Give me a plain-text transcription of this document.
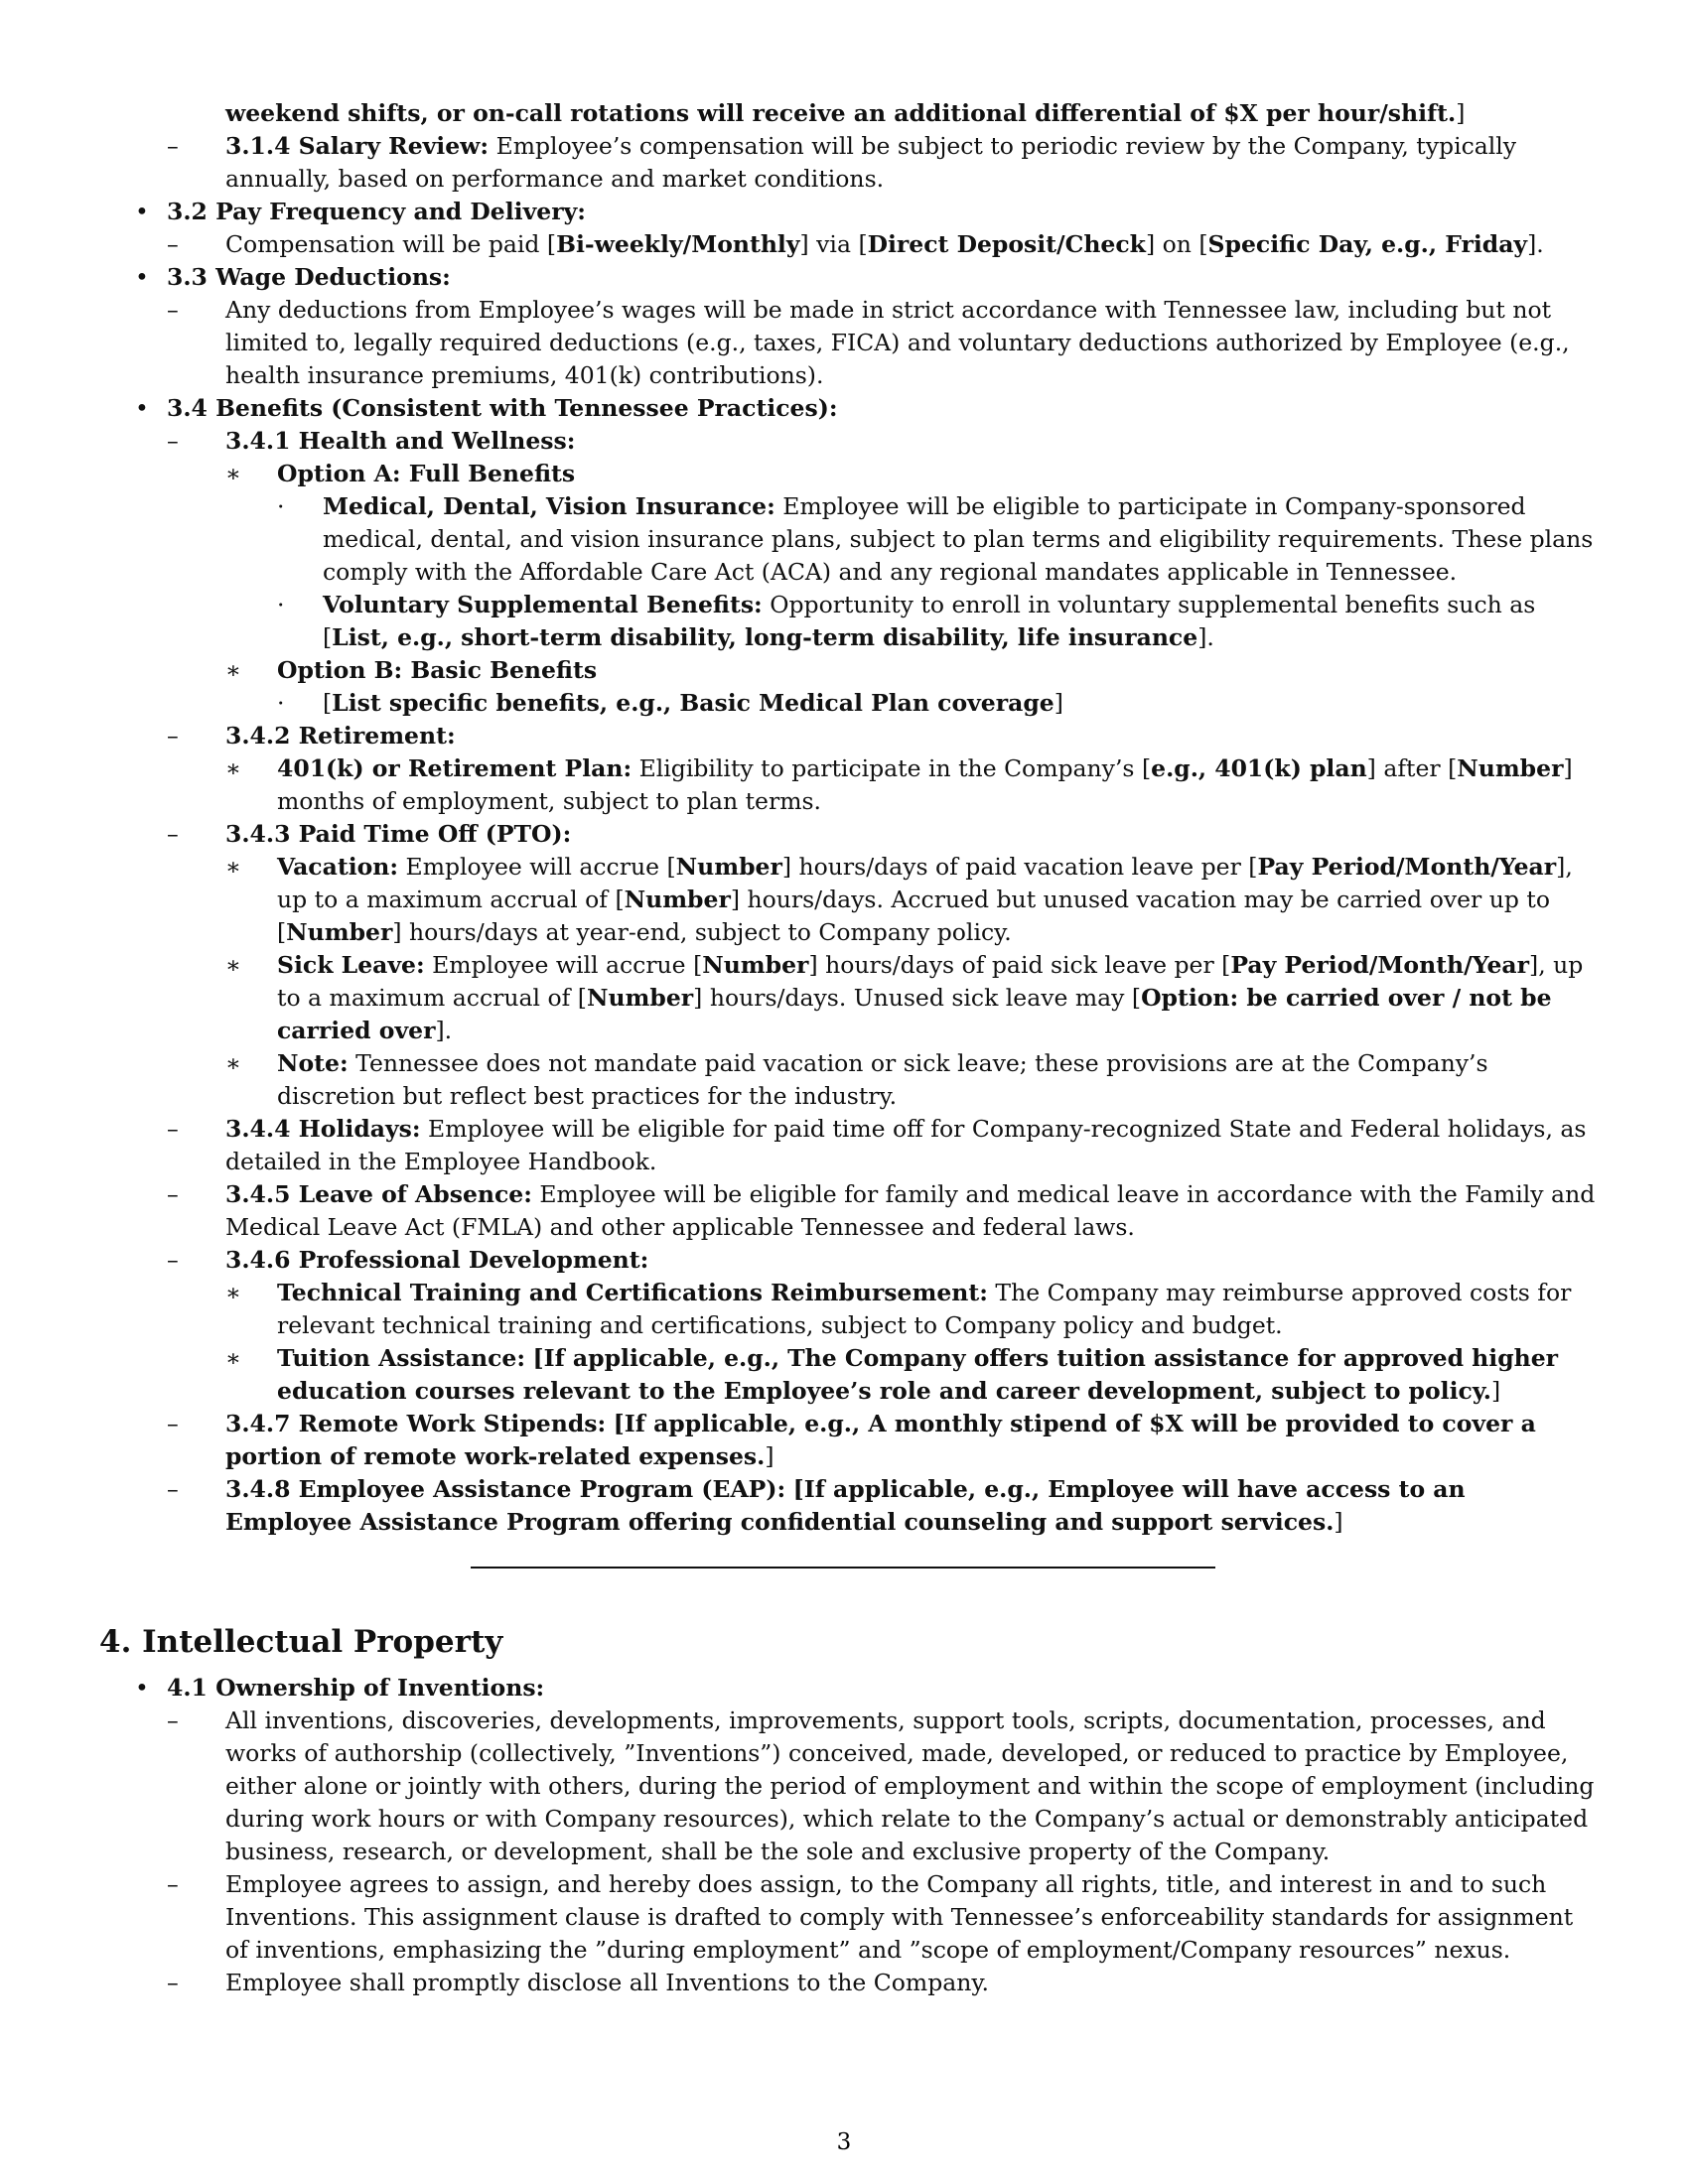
weekend shifts, or on-call rotations will receive an additional differential of $X per hour/shift.]

– 3.1.4 Salary Review: Employee’s compensation will be subject to periodic review by the Company, typically annually, based on performance and market conditions.
• 3.2 Pay Frequency and Delivery:
– Compensation will be paid [Bi-weekly/Monthly] via [Direct Deposit/Check] on [Specific Day, e.g., Friday].
• 3.3 Wage Deductions:
– Any deductions from Employee’s wages will be made in strict accordance with Tennessee law, including but not limited to, legally required deductions (e.g., taxes, FICA) and voluntary deductions authorized by Employee (e.g., health insurance premiums, 401(k) contributions).
• 3.4 Benefits (Consistent with Tennessee Practices):
– 3.4.1 Health and Wellness:
∗ Option A: Full Benefits
· Medical, Dental, Vision Insurance: Employee will be eligible to participate in Company-sponsored medical, dental, and vision insurance plans, subject to plan terms and eligibility requirements. These plans comply with the Affordable Care Act (ACA) and any regional mandates applicable in Tennessee.
· Voluntary Supplemental Benefits: Opportunity to enroll in voluntary supplemental benefits such as [List, e.g., short-term disability, long-term disability, life insurance].
∗ Option B: Basic Benefits
· [List specific benefits, e.g., Basic Medical Plan coverage]
– 3.4.2 Retirement:
∗ 401(k) or Retirement Plan: Eligibility to participate in the Company’s [e.g., 401(k) plan] after [Number] months of employment, subject to plan terms.
– 3.4.3 Paid Time Off (PTO):
∗ Vacation: Employee will accrue [Number] hours/days of paid vacation leave per [Pay Period/Month/Year], up to a maximum accrual of [Number] hours/days. Accrued but unused vacation may be carried over up to [Number] hours/days at year-end, subject to Company policy.
∗ Sick Leave: Employee will accrue [Number] hours/days of paid sick leave per [Pay Period/Month/Year], up to a maximum accrual of [Number] hours/days. Unused sick leave may [Option: be carried over / not be carried over].
∗ Note: Tennessee does not mandate paid vacation or sick leave; these provisions are at the Company’s discretion but reflect best practices for the industry.
– 3.4.4 Holidays: Employee will be eligible for paid time off for Company-recognized State and Federal holidays, as detailed in the Employee Handbook.
– 3.4.5 Leave of Absence: Employee will be eligible for family and medical leave in accordance with the Family and Medical Leave Act (FMLA) and other applicable Tennessee and federal laws.
– 3.4.6 Professional Development:
∗ Technical Training and Certifications Reimbursement: The Company may reimburse approved costs for relevant technical training and certifications, subject to Company policy and budget.
∗ Tuition Assistance: [If applicable, e.g., The Company offers tuition assistance for approved higher education courses relevant to the Employee’s role and career development, subject to policy.]
– 3.4.7 Remote Work Stipends: [If applicable, e.g., A monthly stipend of $X will be provided to cover a portion of remote work-related expenses.]
– 3.4.8 Employee Assistance Program (EAP): [If applicable, e.g., Employee will have access to an Employee Assistance Program offering confidential counseling and support services.]
4. Intellectual Property
• 4.1 Ownership of Inventions:
– All inventions, discoveries, developments, improvements, support tools, scripts, documentation, processes, and works of authorship (collectively, ”Inventions”) conceived, made, developed, or reduced to practice by Employee, either alone or jointly with others, during the period of employment and within the scope of employment (including during work hours or with Company resources), which relate to the Company’s actual or demonstrably anticipated business, research, or development, shall be the sole and exclusive property of the Company.
– Employee agrees to assign, and hereby does assign, to the Company all rights, title, and interest in and to such Inventions. This assignment clause is drafted to comply with Tennessee’s enforceability standards for assignment of inventions, emphasizing the ”during employment” and ”scope of employment/Company resources” nexus.
– Employee shall promptly disclose all Inventions to the Company.
3
